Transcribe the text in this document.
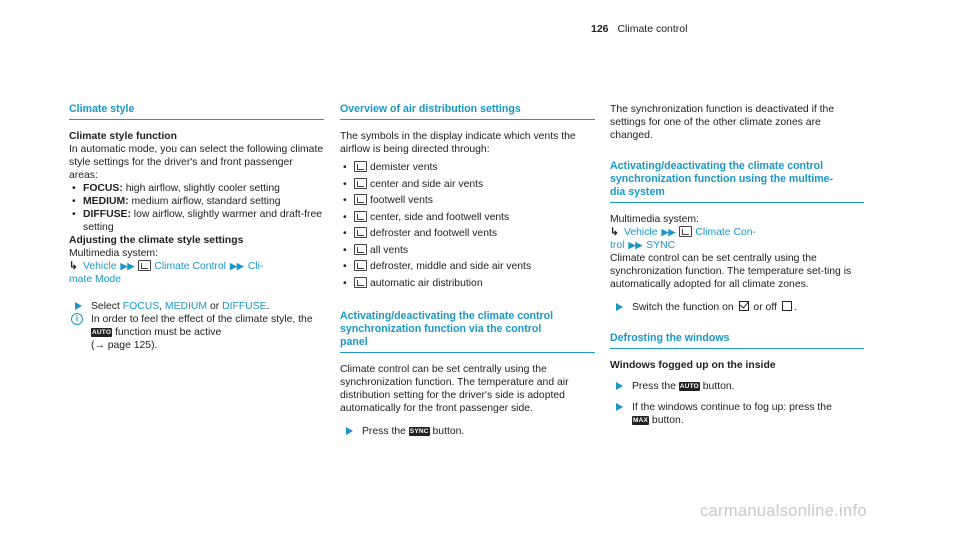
126 Climate control
Climate style

Climate style function

In automatic mode, you can select the following climate style settings for the driver's and front passenger areas:

• FOCUS: high airflow, slightly cooler setting
• MEDIUM: medium airflow, standard setting
• DIFFUSE: low airflow, slightly warmer and draft-free setting

Adjusting the climate style settings

Multimedia system:

↳ Vehicle ▶▶ Climate Control ▶▶ Cli-
mate Mode

Select FOCUS, MEDIUM or DIFFUSE.

i	In order to feel the effect of the climate style, the AUTO function must be active
(→ page 125).

Overview of air distribution settings

The symbols in the display indicate which vents the airflow is being directed through:

• demister vents
• center and side air vents
• footwell vents
• center, side and footwell vents
• defroster and footwell vents
• all vents
• defroster, middle and side air vents
• automatic air distribution
Activating/deactivating the climate control
synchronization function via the control
panel

Climate control can be set centrally using the synchronization function. The temperature and air distribution setting for the driver's side is adopted automatically for the front passenger side.

Press the SYNC button.

The synchronization function is deactivated if the settings for one of the other climate zones are changed.

Activating/deactivating the climate control
synchronization function using the multime-
dia system

Multimedia system:

↳ Vehicle ▶▶ Climate Con-
trol ▶▶ SYNC

Climate control can be set centrally using the synchronization function. The temperature set-ting is automatically adopted for all climate zones.

Switch the function on  or off .

Defrosting the windows

Windows fogged up on the inside

Press the AUTO button.

If the windows continue to fog up: press the
MAX button.

carmanualsonline.info
